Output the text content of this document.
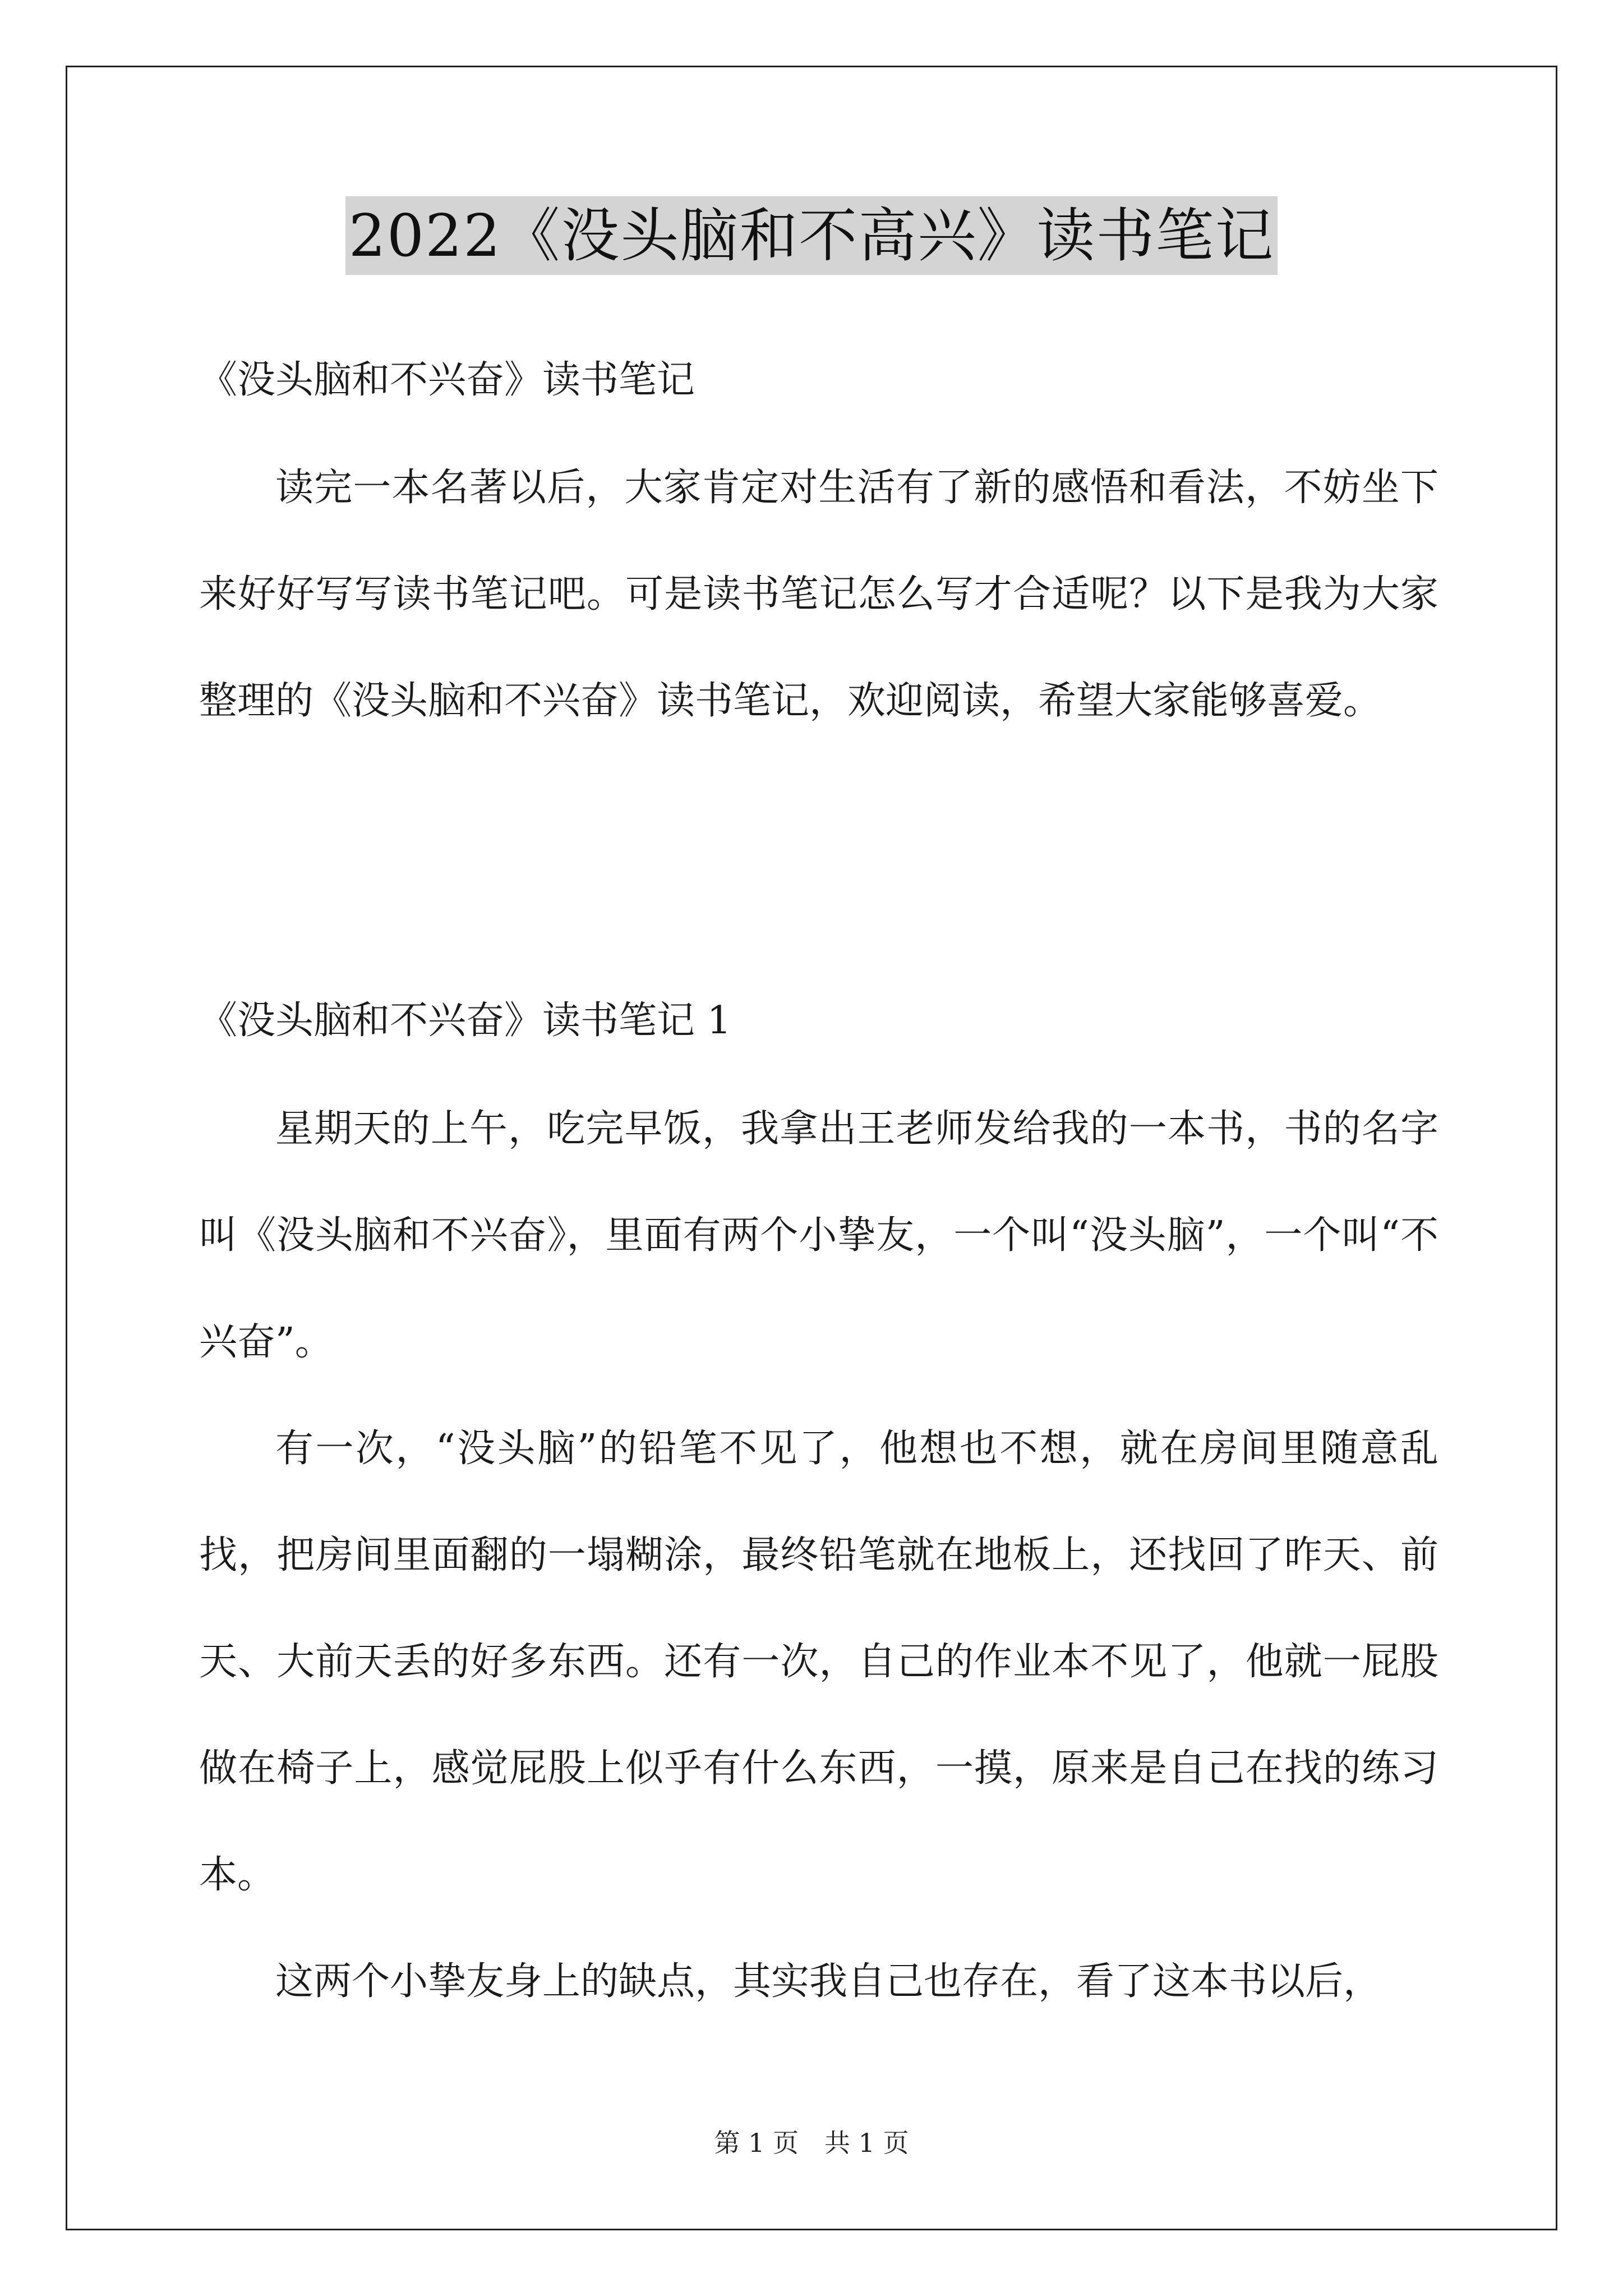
2022《没头脑和不高兴》读书笔记
《没头脑和不兴奋》读书笔记
读完一本名著以后，大家肯定对生活有了新的感悟和看法，不妨坐下来好好写写读书笔记吧。可是读书笔记怎么写才合适呢？以下是我为大家整理的《没头脑和不兴奋》读书笔记，欢迎阅读，希望大家能够喜爱。
《没头脑和不兴奋》读书笔记 1
星期天的上午，吃完早饭，我拿出王老师发给我的一本书，书的名字叫《没头脑和不兴奋》，里面有两个小挚友，一个叫“没头脑”，一个叫“不兴奋”。
有一次，“没头脑”的铅笔不见了，他想也不想，就在房间里随意乱找，把房间里面翻的一塌糊涂，最终铅笔就在地板上，还找回了昨天、前天、大前天丢的好多东西。还有一次，自己的作业本不见了，他就一屁股做在椅子上，感觉屁股上似乎有什么东西，一摸，原来是自己在找的练习本。
这两个小挚友身上的缺点，其实我自己也存在，看了这本书以后，
第 1 页 共 1 页
